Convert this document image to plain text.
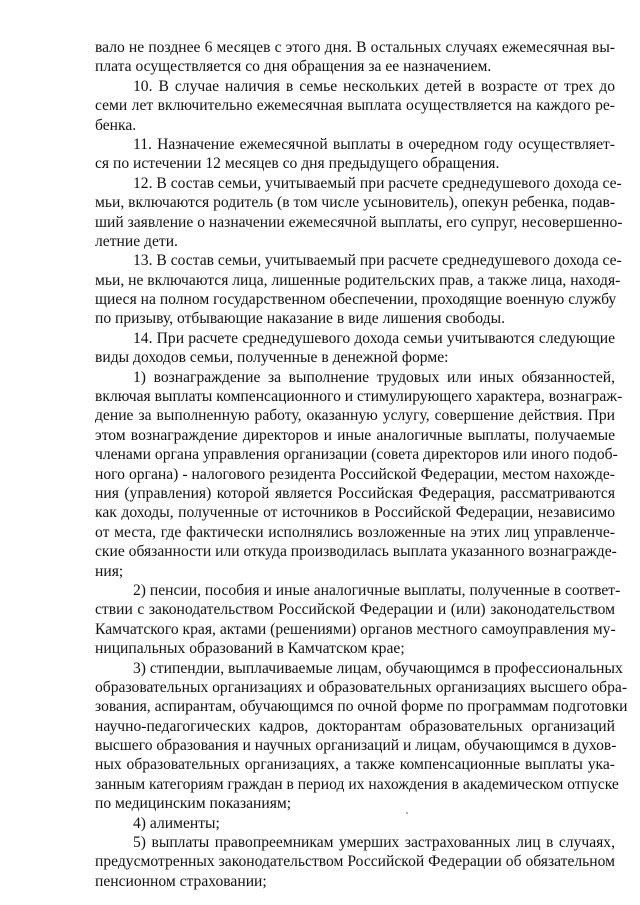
вало не позднее 6 месяцев с этого дня. В остальных случаях ежемесячная вы-
плата осуществляется со дня обращения за ее назначением.
10. В случае наличия в семье нескольких детей в возрасте от трех до
семи лет включительно ежемесячная выплата осуществляется на каждого ре-
бенка.
11. Назначение ежемесячной выплаты в очередном году осуществляет-
ся по истечении 12 месяцев со дня предыдущего обращения.
12. В состав семьи, учитываемый при расчете среднедушевого дохода се-
мьи, включаются родитель (в том числе усыновитель), опекун ребенка, подав-
ший заявление о назначении ежемесячной выплаты, его супруг, несовершенно-
летние дети.
13. В состав семьи, учитываемый при расчете среднедушевого дохода се-
мьи, не включаются лица, лишенные родительских прав, а также лица, находя-
щиеся на полном государственном обеспечении, проходящие военную службу
по призыву, отбывающие наказание в виде лишения свободы.
14. При расчете среднедушевого дохода семьи учитываются следующие
виды доходов семьи, полученные в денежной форме:
1) вознаграждение за выполнение трудовых или иных обязанностей,
включая выплаты компенсационного и стимулирующего характера, вознаграж-
дение за выполненную работу, оказанную услугу, совершение действия. При
этом вознаграждение директоров и иные аналогичные выплаты, получаемые
членами органа управления организации (совета директоров или иного подоб-
ного органа) - налогового резидента Российской Федерации, местом нахожде-
ния (управления) которой является Российская Федерация, рассматриваются
как доходы, полученные от источников в Российской Федерации, независимо
от места, где фактически исполнялись возложенные на этих лиц управленче-
ские обязанности или откуда производилась выплата указанного вознагражде-
ния;
2) пенсии, пособия и иные аналогичные выплаты, полученные в соответ-
ствии с законодательством Российской Федерации и (или) законодательством
Камчатского края, актами (решениями) органов местного самоуправления му-
ниципальных образований в Камчатском крае;
3) стипендии, выплачиваемые лицам, обучающимся в профессиональных
образовательных организациях и образовательных организациях высшего обра-
зования, аспирантам, обучающимся по очной форме по программам подготовки
научно-педагогических кадров, докторантам образовательных организаций
высшего образования и научных организаций и лицам, обучающимся в духов-
ных образовательных организациях, а также компенсационные выплаты ука-
занным категориям граждан в период их нахождения в академическом отпуске
по медицинским показаниям;
4) алименты;
5) выплаты правопреемникам умерших застрахованных лиц в случаях,
предусмотренных законодательством Российской Федерации об обязательном
пенсионном страховании;
